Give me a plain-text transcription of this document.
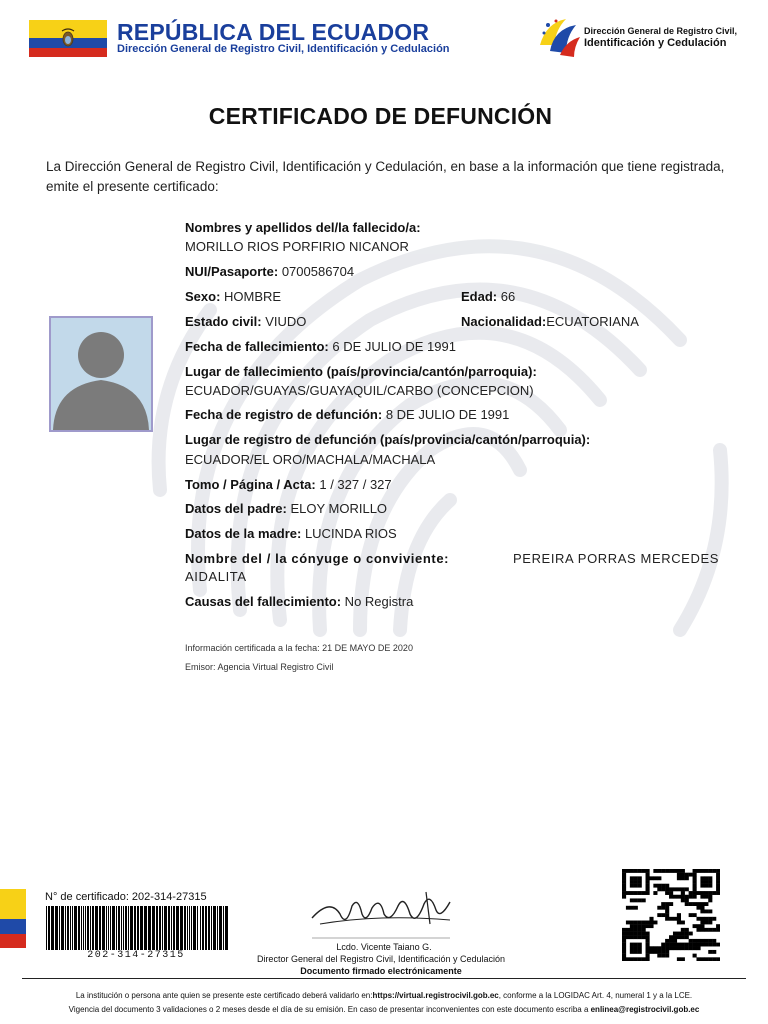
REPÚBLICA DEL ECUADOR
Dirección General de Registro Civil, Identificación y Cedulación
Dirección General de Registro Civil,
Identificación y Cedulación
CERTIFICADO DE DEFUNCIÓN
La Dirección General de Registro Civil, Identificación y Cedulación, en base a la información que tiene registrada, emite el presente certificado:
Nombres y apellidos del/la fallecido/a:
MORILLO RIOS PORFIRIO NICANOR
NUI/Pasaporte: 0700586704
Sexo: HOMBRE	Edad: 66
Estado civil: VIUDO	Nacionalidad:ECUATORIANA
Fecha de fallecimiento: 6 DE JULIO DE 1991
Lugar de fallecimiento (país/provincia/cantón/parroquia):
ECUADOR/GUAYAS/GUAYAQUIL/CARBO (CONCEPCION)
Fecha de registro de defunción: 8 DE JULIO DE 1991
Lugar de registro de defunción (país/provincia/cantón/parroquia):
ECUADOR/EL ORO/MACHALA/MACHALA
Tomo / Página / Acta: 1 / 327 / 327
Datos del padre: ELOY MORILLO
Datos de la madre: LUCINDA RIOS
Nombre del / la cónyuge o conviviente:	PEREIRA PORRAS MERCEDES
AIDALITA
Causas del fallecimiento: No Registra
Información certificada a la fecha: 21 DE MAYO DE 2020
Emisor: Agencia Virtual Registro Civil
N° de certificado: 202-314-27315
202-314-27315
Lcdo. Vicente Taiano G.
Director General del Registro Civil, Identificación y Cedulación
Documento firmado electrónicamente
La institución o persona ante quien se presente este certificado deberá validarlo en:https://virtual.registrocivil.gob.ec, conforme a la LOGIDAC Art. 4, numeral 1 y a la LCE.
Vigencia del documento 3 validaciones o 2 meses desde el día de su emisión. En caso de presentar inconvenientes con este documento escriba a enlinea@registrocivil.gob.ec
